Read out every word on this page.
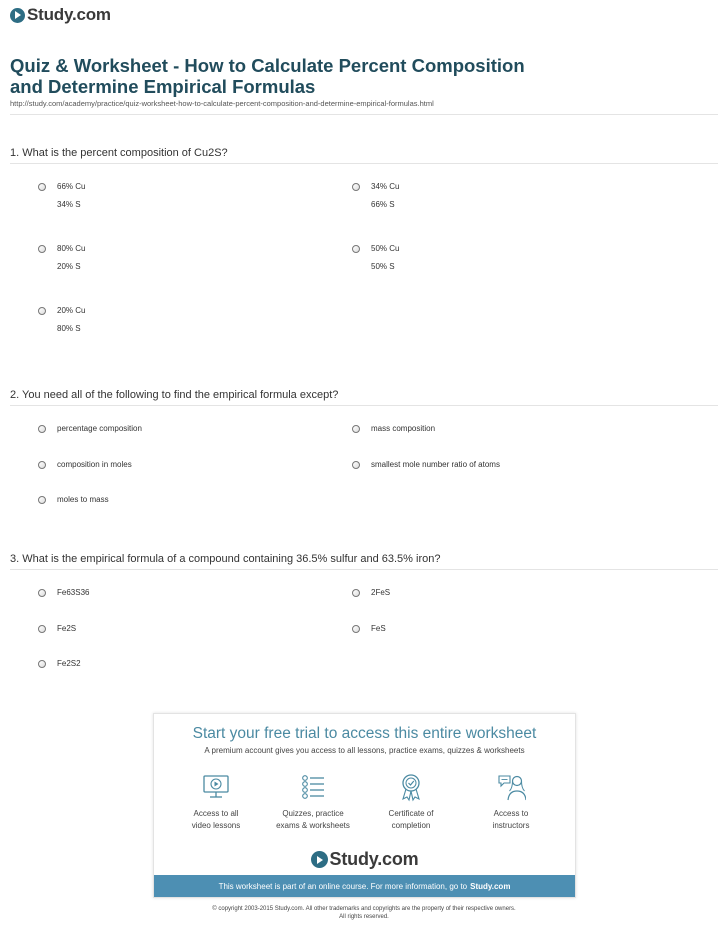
Study.com
Quiz & Worksheet - How to Calculate Percent Composition
and Determine Empirical Formulas
http://study.com/academy/practice/quiz-worksheet-how-to-calculate-percent-composition-and-determine-empirical-formulas.html
1. What is the percent composition of Cu2S?
66% Cu
34% S
34% Cu
66% S
80% Cu
20% S
50% Cu
50% S
20% Cu
80% S
2. You need all of the following to find the empirical formula except?
percentage composition	mass composition
composition in moles	smallest mole number ratio of atoms
moles to mass
3. What is the empirical formula of a compound containing 36.5% sulfur and 63.5% iron?
Fe63S36	2FeS
Fe2S	FeS
Fe2S2
Start your free trial to access this entire worksheet
A premium account gives you access to all lessons, practice exams, quizzes & worksheets
Access to all
video lessons
Quizzes, practice
exams & worksheets
Certificate of
completion
Access to
instructors
Study.com
This worksheet is part of an online course. For more information, go to Study.com
© copyright 2003-2015 Study.com. All other trademarks and copyrights are the property of their respective owners.
All rights reserved.
